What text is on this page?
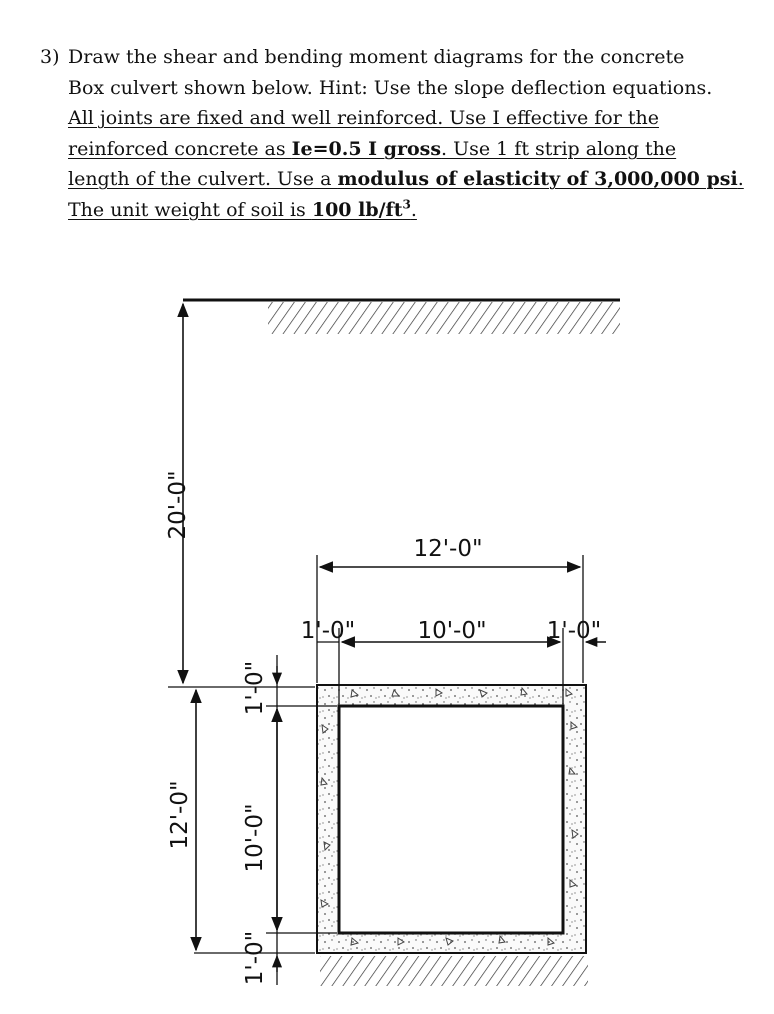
3) Draw the shear and bending moment diagrams for the concrete
Box culvert shown below. Hint: Use the slope deflection equations.
All joints are fixed and well reinforced. Use I effective for the
reinforced concrete as Ie=0.5 I gross. Use 1 ft strip along the
length of the culvert. Use a modulus of elasticity of 3,000,000 psi.
The unit weight of soil is 100 $lb/ft^3$.
20'-0"
12'-0"
1'-0"
10'-0"
1'-0"
12'-0"
1'-0"	10'-0"	1'-0"
